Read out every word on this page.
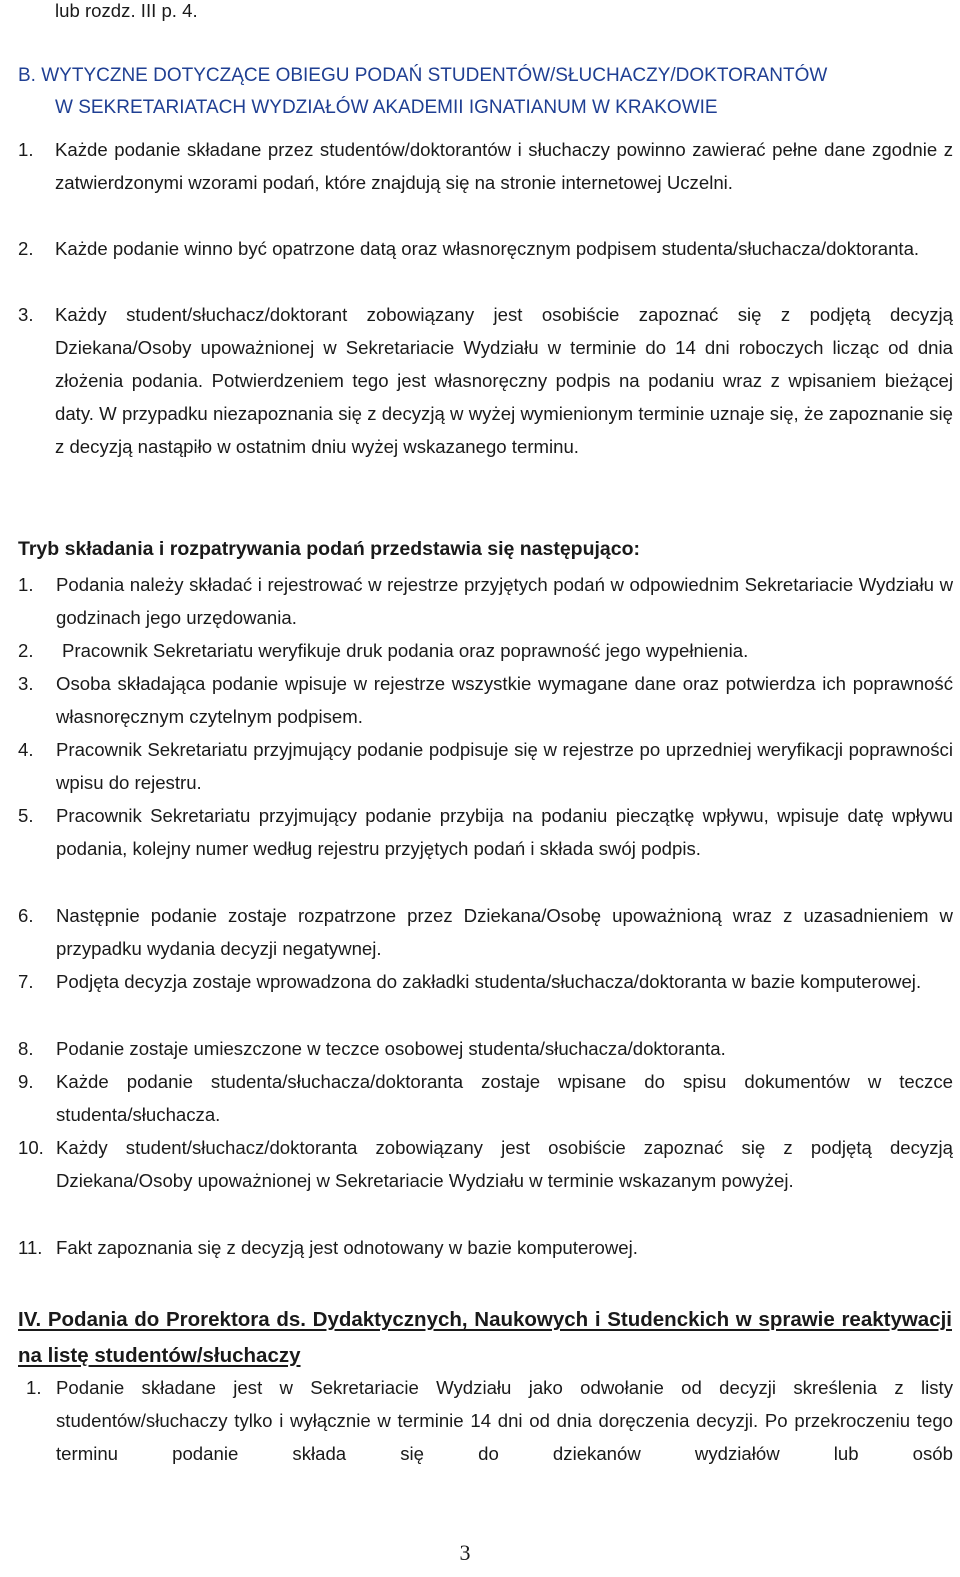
lub rozdz. III p. 4.
B. WYTYCZNE DOTYCZĄCE OBIEGU PODAŃ STUDENTÓW/SŁUCHACZY/DOKTORANTÓW
W SEKRETARIATACH WYDZIAŁÓW AKADEMII IGNATIANUM W KRAKOWIE
1.	Każde podanie składane przez studentów/doktorantów i słuchaczy powinno zawierać pełne dane zgodnie z zatwierdzonymi wzorami podań, które znajdują się na stronie internetowej Uczelni.
2.	Każde podanie winno być opatrzone datą oraz własnoręcznym podpisem studenta/słuchacza/doktoranta.
3.	Każdy student/słuchacz/doktorant zobowiązany jest osobiście zapoznać się z podjętą decyzją Dziekana/Osoby upoważnionej w Sekretariacie Wydziału w terminie do 14 dni roboczych licząc od dnia złożenia podania. Potwierdzeniem tego jest własnoręczny podpis na podaniu wraz z wpisaniem bieżącej daty. W przypadku niezapoznania się z decyzją w wyżej wymienionym terminie uznaje się, że zapoznanie się z decyzją nastąpiło w ostatnim dniu wyżej wskazanego terminu.
Tryb składania i rozpatrywania podań przedstawia się następująco:
1.	Podania należy składać i rejestrować w rejestrze przyjętych podań w odpowiednim Sekretariacie Wydziału w godzinach jego urzędowania.
2.	Pracownik Sekretariatu weryfikuje druk podania oraz poprawność jego wypełnienia.
3.	Osoba składająca podanie wpisuje w rejestrze wszystkie wymagane dane oraz potwierdza ich poprawność własnoręcznym czytelnym podpisem.
4.	Pracownik Sekretariatu przyjmujący podanie podpisuje się w rejestrze po uprzedniej weryfikacji poprawności wpisu do rejestru.
5.	Pracownik Sekretariatu przyjmujący podanie przybija na podaniu pieczątkę wpływu, wpisuje datę wpływu podania, kolejny numer według rejestru przyjętych podań i składa swój podpis.
6.	Następnie podanie zostaje rozpatrzone przez Dziekana/Osobę upoważnioną wraz z uzasadnieniem w przypadku wydania decyzji negatywnej.
7.	Podjęta decyzja zostaje wprowadzona do zakładki studenta/słuchacza/doktoranta w bazie komputerowej.
8.	Podanie zostaje umieszczone w teczce osobowej studenta/słuchacza/doktoranta.
9.	Każde podanie studenta/słuchacza/doktoranta zostaje wpisane do spisu dokumentów w teczce studenta/słuchacza.
10. Każdy student/słuchacz/doktoranta zobowiązany jest osobiście zapoznać się z podjętą decyzją Dziekana/Osoby upoważnionej w Sekretariacie Wydziału w terminie wskazanym powyżej.
11. Fakt zapoznania się z decyzją jest odnotowany w bazie komputerowej.
IV. Podania do Prorektora ds. Dydaktycznych, Naukowych i Studenckich w sprawie reaktywacji na listę studentów/słuchaczy
1. Podanie składane jest w Sekretariacie Wydziału jako odwołanie od decyzji skreślenia z listy studentów/słuchaczy tylko i wyłącznie w terminie 14 dni od dnia doręczenia decyzji. Po przekroczeniu tego terminu podanie składa się do dziekanów wydziałów lub osób
3
